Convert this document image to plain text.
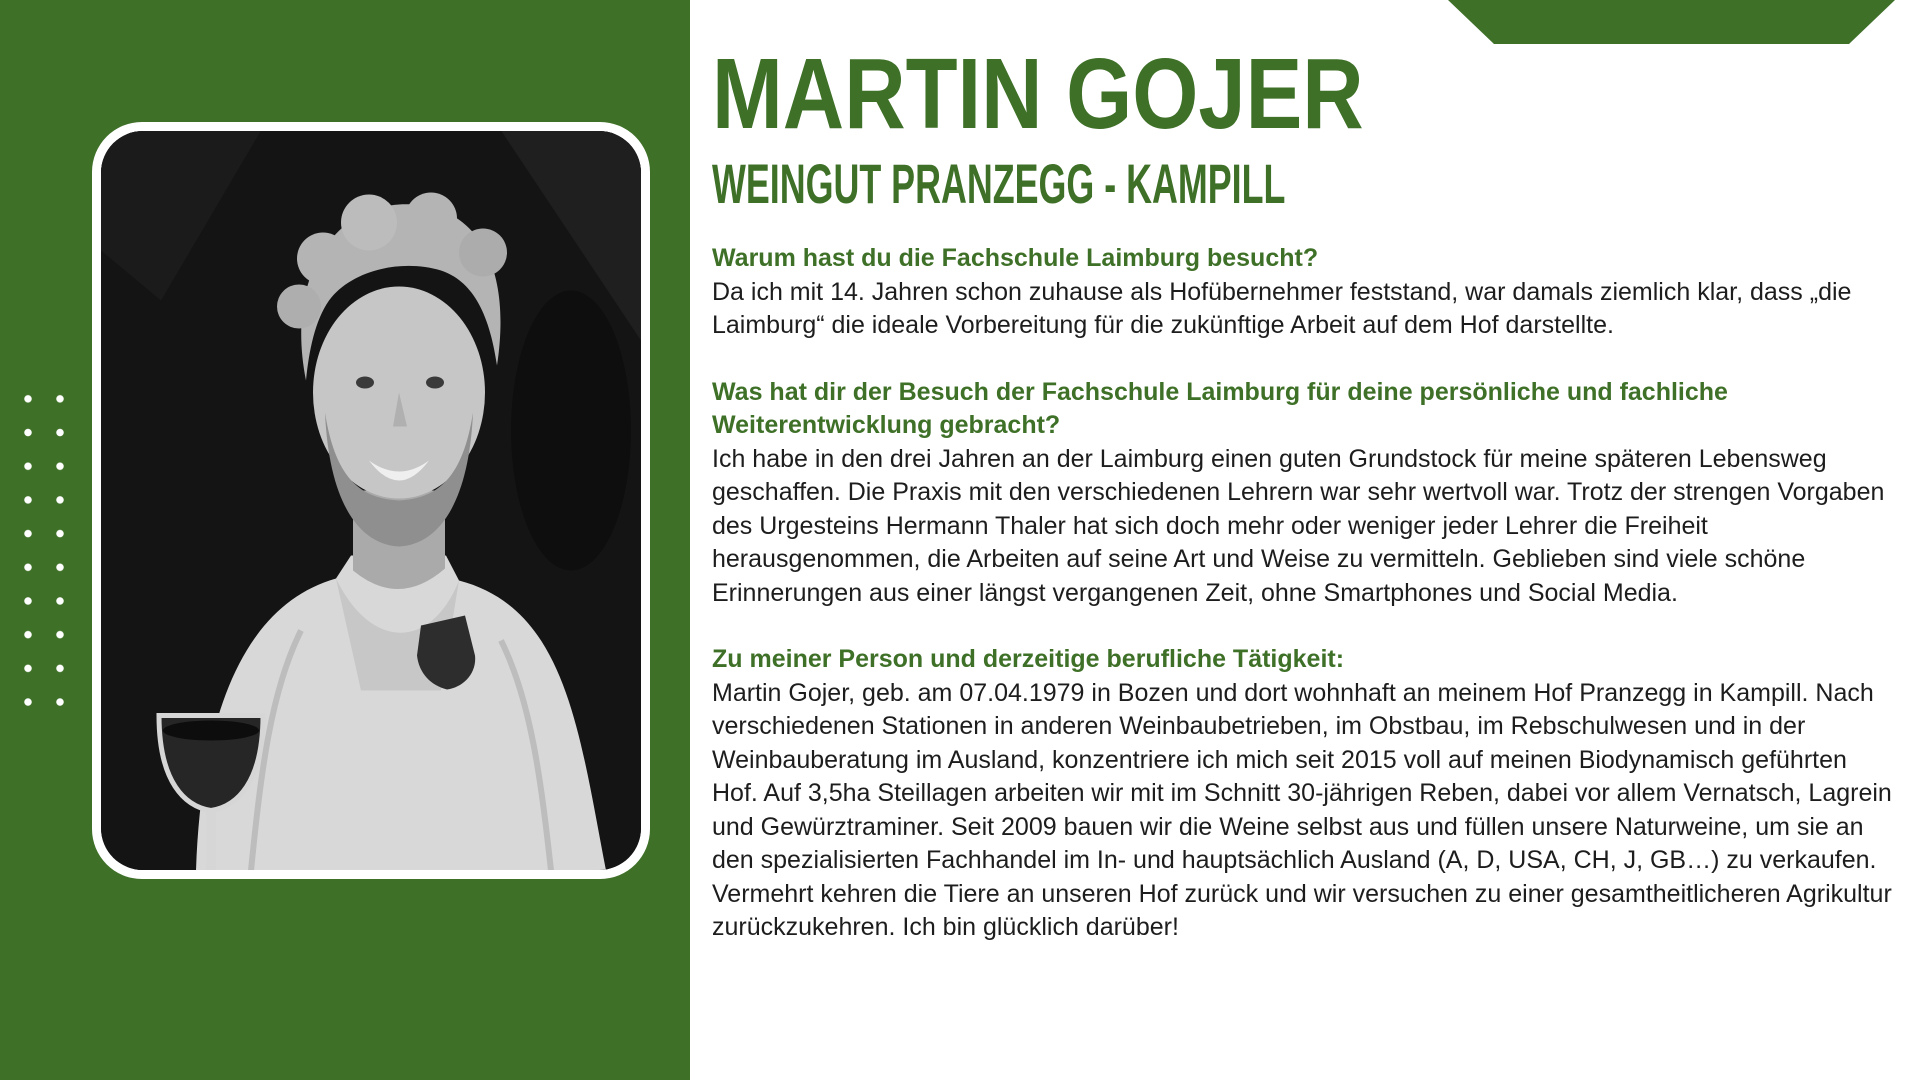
MARTIN GOJER
WEINGUT PRANZEGG - KAMPILL
Warum hast du die Fachschule Laimburg besucht?

Da ich mit 14. Jahren schon zuhause als Hofübernehmer feststand, war damals ziemlich klar, dass „die Laimburg“ die ideale Vorbereitung für die zukünftige Arbeit auf dem Hof darstellte.

Was hat dir der Besuch der Fachschule Laimburg für deine persönliche und fachliche Weiterentwicklung gebracht?

Ich habe in den drei Jahren an der Laimburg einen guten Grundstock für meine späteren Lebensweg geschaffen. Die Praxis mit den verschiedenen Lehrern war sehr wertvoll war. Trotz der strengen Vorgaben des Urgesteins Hermann Thaler hat sich doch mehr oder weniger jeder Lehrer die Freiheit herausgenommen, die Arbeiten auf seine Art und Weise zu vermitteln. Geblieben sind viele schöne Erinnerungen aus einer längst vergangenen Zeit, ohne Smartphones und Social Media.

Zu meiner Person und derzeitige berufliche Tätigkeit:

Martin Gojer, geb. am 07.04.1979 in Bozen und dort wohnhaft an meinem Hof Pranzegg in Kampill. Nach verschiedenen Stationen in anderen Weinbaubetrieben, im Obstbau, im Rebschulwesen und in der Weinbauberatung im Ausland, konzentriere ich mich seit 2015 voll auf meinen Biodynamisch geführten Hof. Auf 3,5ha Steillagen arbeiten wir mit im Schnitt 30-jährigen Reben, dabei vor allem Vernatsch, Lagrein und Gewürztraminer. Seit 2009 bauen wir die Weine selbst aus und füllen unsere Naturweine, um sie an den spezialisierten Fachhandel im In- und hauptsächlich Ausland (A, D, USA, CH, J, GB…) zu verkaufen. Vermehrt kehren die Tiere an unseren Hof zurück und wir versuchen zu einer gesamtheitlicheren Agrikultur zurückzukehren. Ich bin glücklich darüber!
